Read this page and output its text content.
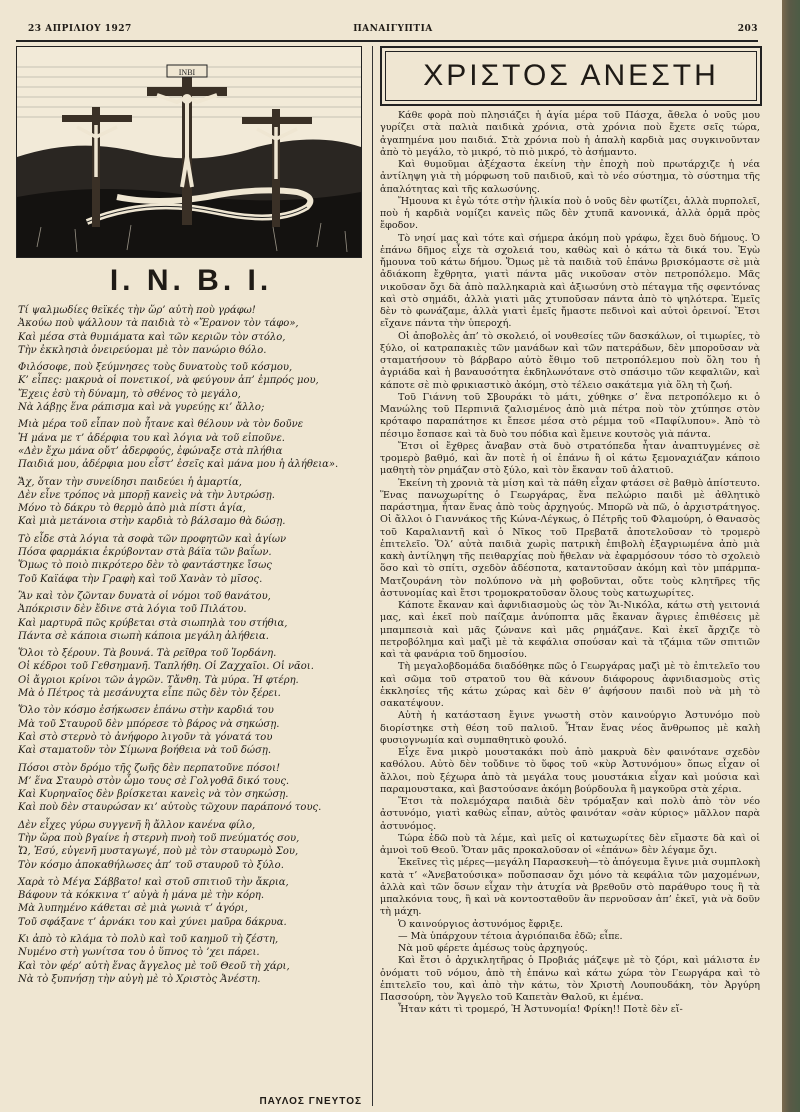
23 ΑΠΡΙΛΙΟΥ 1927	ΠΑΝΑΙΓΥΠΤΙΑ	203
INBI
Ι. Ν. Β. Ι.
Τί ψαλμωδίες θεϊκές τὴν ὥρ’ αὐτὴ ποὺ γράφω!
Ἀκούω ποὺ ψάλλουν τὰ παιδιὰ τὸ «Ἔρανον τὸν τάφο»,
Καὶ μέσα στὰ θυμιάματα καὶ τῶν κεριῶν τὸν στόλο,
Τὴν ἐκκλησιὰ ὀνειρεύομαι μὲ τὸν πανώριο θόλο.
Φιλόσοφε, ποὺ ξεύμνησες τοὺς δυνατοὺς τοῦ κόσμου,
Κ’ εἶπες: μακρυὰ οἱ πονετικοί, νὰ φεύγουν ἀπ’ ἐμπρός μου,
Ἔχεις ἐσὺ τὴ δύναμη, τὸ σθένος τὸ μεγάλο,
Νὰ λάβῃς ἕνα ράπισμα καὶ νὰ γυρεύῃς κι’ ἄλλο;
Μιὰ μέρα τοῦ εἶπαν ποὺ ἦτανε καὶ θέλουν νὰ τὸν δοῦνε
Ἡ μάνα με τ’ ἀδέρφια του καὶ λόγια νὰ τοῦ εἰποῦνε.
«Δὲν ἔχω μάνα οὔτ’ ἀδερφούς, ἐφώναξε στὰ πλήθια
Παιδιά μου, ἀδέρφια μου εἶστ’ ἐσεῖς καὶ μάνα μου ἡ ἀλήθεια».
Ἄχ, ὅταν τὴν συνείδησι παιδεύει ἡ ἁμαρτία,
Δὲν εἶνε τρόπος νὰ μπορῇ κανεὶς νὰ τὴν λυτρώσῃ.
Μόνο τὸ δάκρυ τὸ θερμὸ ἀπὸ μιὰ πίστι ἁγία,
Καὶ μιὰ μετάνοια στὴν καρδιὰ τὸ βάλσαμο θὰ δώσῃ.
Τὸ εἶδε στὰ λόγια τὰ σοφὰ τῶν προφητῶν καὶ ἁγίων
Πόσα φαρμάκια ἐκρύβονταν στὰ βάϊα τῶν βαΐων.
Ὅμως τὸ ποιὸ πικρότερο δὲν τὸ φαντάστηκε ἴσως
Τοῦ Καϊάφα τὴν Γραφὴ καὶ τοῦ Χανὰν τὸ μῖσος.
Ἂν καὶ τὸν ζῶνταν δυνατὰ οἱ νόμοι τοῦ θανάτου,
Ἀπόκρισιν δὲν ἔδινε στὰ λόγια τοῦ Πιλάτου.
Καὶ μαρτυρᾶ πῶς κρύβεται στὰ σιωπηλὰ του στήθια,
Πάντα σὲ κάποια σιωπὴ κάποια μεγάλη ἀλήθεια.
Ὅλοι τὸ ξέρουν. Τὰ βουνά. Τὰ ρεῖθρα τοῦ Ἰορδάνη.
Οἱ κέδροι τοῦ Γεθσημανῆ. Ταπλήθη. Οἱ Ζαχχαῖοι. Οἱ νᾶοι.
Οἱ ἄγριοι κρίνοι τῶν ἀγρῶν. Τἄνθη. Τὰ μύρα. Ἡ φτέρη.
Μὰ ὁ Πέτρος τὰ μεσάνυχτα εἶπε πῶς δὲν τὸν ξέρει.
Ὅλο τὸν κόσμο ἐσήκωσεν ἐπάνω στὴν καρδιά του
Μὰ τοῦ Σταυροῦ δὲν μπόρεσε τὸ βάρος νὰ σηκώσῃ.
Καὶ στὸ στερνὸ τὸ ἀνήφορο λιγοῦν τὰ γόνατά του
Καὶ σταματοῦν τὸν Σίμωνα βοήθεια νὰ τοῦ δώσῃ.
Πόσοι στὸν δρόμο τῆς ζωῆς δὲν περπατοῦνε πόσοι!
Μ’ ἕνα Σταυρὸ στὸν ὦμο τους σὲ Γολγοθᾶ δικό τους.
Καὶ Κυρηναῖος δὲν βρίσκεται κανεὶς νὰ τὸν σηκώσῃ.
Καὶ ποὺ δὲν σταυρώσαν κι’ αὐτοὺς τῶχουν παράπονό τους.
Δὲν εἶχες γύρω συγγενῆ ἢ ἄλλον κανένα φίλο,
Τὴν ὥρα ποὺ βγαίνε ἡ στερνὴ πνοὴ τοῦ πνεύματός σου,
Ὤ, Ἐσύ, εὐγενῆ μυσταγωγέ, ποὺ μὲ τὸν σταυρωμὸ Σου,
Τὸν κόσμο ἀποκαθήλωσες ἀπ’ τοῦ σταυροῦ τὸ ξύλο.
Χαρὰ τὸ Μέγα Σάββατο! καὶ στοῦ σπιτιοῦ τὴν ἄκρια,
Βάφουν τὰ κόκκινα τ’ αὐγὰ ἡ μάνα μὲ τὴν κόρη.
Μὰ λυπημένο κάθεται σὲ μιὰ γωνιὰ τ’ ἀγόρι,
Τοῦ σφάξανε τ’ ἀρνάκι του καὶ χύνει μαῦρα δάκρυα.
Κι ἀπὸ τὸ κλάμα τὸ πολὺ καὶ τοῦ καημοῦ τὴ ζέστη,
Νυμένο στὴ γωνίτσα του ὁ ὕπνος τὸ ’χει πάρει.
Καὶ τὸν φέρ’ αὐτὴ ἕνας ἄγγελος μὲ τοῦ Θεοῦ τὴ χάρι,
Νὰ τὸ ξυπνήσῃ τὴν αὐγὴ μὲ τὸ Χριστὸς Ἀνέστη.
ΠΑΥΛΟΣ ΓΝΕΥΤΟΣ
ΧΡΙΣΤΟΣ ΑΝΕΣΤΗ

Κάθε φορὰ ποὺ πλησιάζει ἡ ἁγία μέρα τοῦ Πάσχα, ἄθελα ὁ νοῦς μου γυρίζει στὰ παλιὰ παιδικὰ χρόνια, στὰ χρόνια ποὺ ἔχετε σεῖς τώρα, ἀγαπημένα μου παιδιά. Στὰ χρόνια ποὺ ἡ ἁπαλὴ καρδιὰ μας συγκινοῦνταν ἀπὸ τὸ μεγάλο, τὸ μικρό, τὸ πιὸ μικρό, τὸ ἀσήμαντο.

Καὶ θυμοῦμαι ἀξέχαστα ἐκείνη τὴν ἐποχὴ ποὺ πρωτάρχιζε ἡ νέα ἀντίληψη γιὰ τὴ μόρφωση τοῦ παιδιοῦ, καὶ τὸ νέο σύστημα, τὸ σύστημα τῆς ἁπαλότητας καὶ τῆς καλωσύνης.

Ἤμουνα κι ἐγὼ τότε στὴν ἡλικία ποὺ ὁ νοῦς δὲν φωτίζει, ἀλλὰ πυρπολεῖ, ποὺ ἡ καρδιὰ νομίζει κανεὶς πῶς δὲν χτυπᾶ κανονικά, ἀλλὰ ὁρμᾶ πρὸς ἔφοδον.

Τὸ νησί μας καὶ τότε καὶ σήμερα ἀκόμη ποὺ γράφω, ἔχει δυὸ δήμους. Ὁ ἐπάνω δῆμος εἶχε τὰ σχολειά του, καθὼς καὶ ὁ κάτω τὰ δικά του. Ἐγὼ ἤμουνα τοῦ κάτω δήμου. Ὅμως μὲ τὰ παιδιὰ τοῦ ἐπάνω βρισκόμαστε σὲ μιὰ ἀδιάκοπη ἔχθρητα, γιατὶ πάντα μᾶς νικοῦσαν στὸν πετροπόλεμο. Μᾶς νικοῦσαν ὄχι δὰ ἀπὸ παλληκαριὰ καὶ ἀξιωσύνη στὸ πέταγμα τῆς σφεντόνας καὶ στὸ σημάδι, ἀλλὰ γιατὶ μᾶς χτυποῦσαν πάντα ἀπὸ τὸ ψηλότερα. Ἐμεῖς δὲν τὸ φωνάζαμε, ἀλλὰ γιατὶ ἐμεῖς ἤμαστε πεδινοὶ καὶ αὐτοὶ ὀρεινοί. Ἔτσι εἴχανε πάντα τὴν ὑπεροχή.

Οἱ ἀποβολὲς ἀπ’ τὸ σκολειό, οἱ νουθεσίες τῶν δασκάλων, οἱ τιμωρίες, τὸ ξύλο, οἱ κατραπακιὲς τῶν μανάδων καὶ τῶν πατεράδων, δὲν μποροῦσαν νὰ σταματήσουν τὸ βάρβαρο αὐτὸ ἔθιμο τοῦ πετροπόλεμου ποὺ ὅλη του ἡ ἀγριάδα καὶ ἡ βαναυσότητα ἐκδηλωνότανε στὸ σπάσιμο τῶν κεφαλιῶν, καὶ κάποτε σὲ πιὸ φρικιαστικὸ ἀκόμη, στὸ τέλειο σακάτεμα γιὰ ὅλη τὴ ζωή.

Τοῦ Γιάννη τοῦ Σβουράκι τὸ μάτι, χύθηκε σ’ ἕνα πετροπόλεμο κι ὁ Μανώλης τοῦ Περπινιᾶ ζαλισμένος ἀπὸ μιὰ πέτρα ποὺ τὸν χτύπησε στὸν κρόταφο παραπάτησε κι ἔπεσε μέσα στὸ ρέμμα τοῦ «Παφίλυπου». Ἀπὸ τὸ πέσιμο ἔσπασε καὶ τὰ δυὸ του πόδια καὶ ἔμεινε κουτσὸς γιὰ πάντα.

Ἔτσι οἱ ἔχθρες ἄναβαν στὰ δυὸ στρατόπεδα ἦταν ἀναπτυγμένες σὲ τρομερὸ βαθμό, καὶ ἂν ποτὲ ἡ οἱ ἐπάνω ἢ οἱ κάτω ξεμοναχιάζαν κάποιο μαθητὴ τὸν ρημάζαν στὸ ξύλο, καὶ τὸν ἔκαναν τοῦ ἀλατιοῦ.

Ἐκείνη τὴ χρονιὰ τὰ μίση καὶ τὰ πάθη εἶχαν φτάσει σὲ βαθμὸ ἀπίστευτο. Ἕνας πανωχωρίτης ὁ Γεωργάρας, ἕνα πελώριο παιδὶ μὲ ἀθλητικὸ παράστημα, ἦταν ἕνας ἀπὸ τοὺς ἀρχηγούς. Μπορῶ νὰ πῶ, ὁ ἀρχιστράτηγος. Οἱ ἄλλοι ὁ Γιαννάκος τῆς Κώνα-Λέγκως, ὁ Πέτρῆς τοῦ Φλαμούρη, ὁ Θανασὸς τοῦ Καραλιαντῆ καὶ ὁ Νῖκος τοῦ Πρεβατᾶ ἀποτελοῦσαν τὸ τρομερὸ ἐπιτελεῖο. Ὅλ’ αὐτὰ παιδιὰ χωρὶς πατρικὴ ἐπιβολὴ ἐξαγριωμένα ἀπὸ μιὰ κακὴ ἀντίληψη τῆς πειθαρχίας ποὺ ἤθελαν νὰ ἐφαρμόσουν τόσο τὸ σχολειὸ ὅσο καὶ τὸ σπίτι, σχεδὸν ἀδέσποτα, καταντοῦσαν ἀκόμη καὶ τὸν μπάρμπα-Ματζουράνη τὸν πολύπονο νὰ μὴ φοβοῦνται, οὔτε τοὺς κλητῆρες τῆς ἀστυνομίας καὶ ἔτσι τρομοκρατοῦσαν ὅλους τοὺς κατωχωρίτες.

Κάποτε ἔκαναν καὶ ἀφνιδιασμοὺς ὡς τὸν Ἅι-Νικόλα, κάτω στὴ γειτονιά μας, καὶ ἐκεῖ ποὺ παίζαμε ἀνύποπτα μᾶς ἔκαναν ἄγριες ἐπιθέσεις μὲ μπαμπεσιὰ καὶ μᾶς ζώνανε καὶ μᾶς ρημάζανε. Καὶ ἐκεῖ ἄρχιζε τὸ πετροβόλημα καὶ μαζὶ μὲ τὰ κεφάλια σπούσαν καὶ τὰ τζάμια τῶν σπιτιῶν καὶ τὰ φανάρια τοῦ δημοσίου.

Τὴ μεγαλοβδομάδα διαδόθηκε πῶς ὁ Γεωργάρας μαζὶ μὲ τὸ ἐπιτελεῖο του καὶ σῶμα τοῦ στρατοῦ του θὰ κάνουν διάφορους ἀφνιδιασμοὺς στὶς ἐκκλησίες τῆς κάτω χώρας καὶ δὲν θ’ ἀφήσουν παιδὶ ποὺ νὰ μὴ τὸ σακατέψουν.

Αὐτὴ ἡ κατάσταση ἔγινε γνωστὴ στὸν καινούργιο Ἀστυνόμο ποὺ διορίστηκε στὴ θέση τοῦ παλιοῦ. Ἦταν ἕνας νέος ἄνθρωπος μὲ καλὴ φυσιογνωμία καὶ συμπαθητικὸ φουλό.

Εἶχε ἕνα μικρὸ μουστακάκι ποὺ ἀπὸ μακρυὰ δὲν φαινότανε σχεδὸν καθόλου. Αὐτὸ δὲν τοὔδινε τὸ ὕφος τοῦ «κὺρ Ἀστυνόμου» ὅπως εἶχαν οἱ ἄλλοι, ποὺ ξέχωρα ἀπὸ τὰ μεγάλα τους μουστάκια εἶχαν καὶ μούσια καὶ παραμουστακα, καὶ βαστούσανε ἀκόμη βούρδουλα ἢ μαγκοῦρα στὰ χέρια.

Ἔτσι τὰ πολεμόχαρα παιδιὰ δὲν τρόμαξαν καὶ πολὺ ἀπὸ τὸν νέο ἀστυνόμο, γιατὶ καθὼς εἶπαν, αὐτὸς φαινόταν «σὰν κύριος» μᾶλλον παρὰ ἀστυνόμος.

Τώρα ἐδῶ ποὺ τὰ λέμε, καὶ μεῖς οἱ κατωχωρίτες δὲν εἴμαστε δὰ καὶ οἱ ἀμνοὶ τοῦ Θεοῦ. Ὅταν μᾶς προκαλοῦσαν οἱ «ἐπάνω» δὲν λέγαμε ὄχι.

Ἐκεῖνες τὶς μέρες—μεγάλη Παρασκευὴ—τὸ ἀπόγευμα ἔγινε μιὰ συμπλοκὴ κατὰ τ’ «Ἀνεβατούσικα» ποὔσπασαν ὄχι μόνο τὰ κεφάλια τῶν μαχομένων, ἀλλὰ καὶ τῶν ὅσων εἶχαν τὴν ἀτυχία νὰ βρεθοῦν στὸ παράθυρο τους ἢ τὰ μπαλκόνια τους, ἢ καὶ νὰ κοντοσταθοῦν ἂν περνοῦσαν ἀπ’ ἐκεῖ, γιὰ νὰ δοῦν τὴ μάχη.

Ὁ καινούργιος ἀστυνόμος ἔφριξε.

— Μὰ ὑπάρχουν τέτοια ἀγριόπαιδα ἐδῶ; εἶπε.

Νὰ μοῦ φέρετε ἀμέσως τοὺς ἀρχηγούς.

Καὶ ἔτσι ὁ ἀρχικλητῆρας ὁ Προβιάς μάζεψε μὲ τὸ ζόρι, καὶ μάλιστα ἐν ὀνόματι τοῦ νόμου, ἀπὸ τὴ ἐπάνω καὶ κάτω χώρα τὸν Γεωργάρα καὶ τὸ ἐπιτελεῖο του, καὶ ἀπὸ τὴν κάτω, τὸν Χριστὴ Λουπουδάκη, τὸν Ἀργύρη Πασσούρη, τὸν Ἄγγελο τοῦ Καπετὰν Θαλοῦ, κι ἐμένα.

Ἦταν κάτι τὶ τρομερό, Ἡ Ἀστυνομία! Φρίκη!! Ποτὲ δὲν εἴ-
